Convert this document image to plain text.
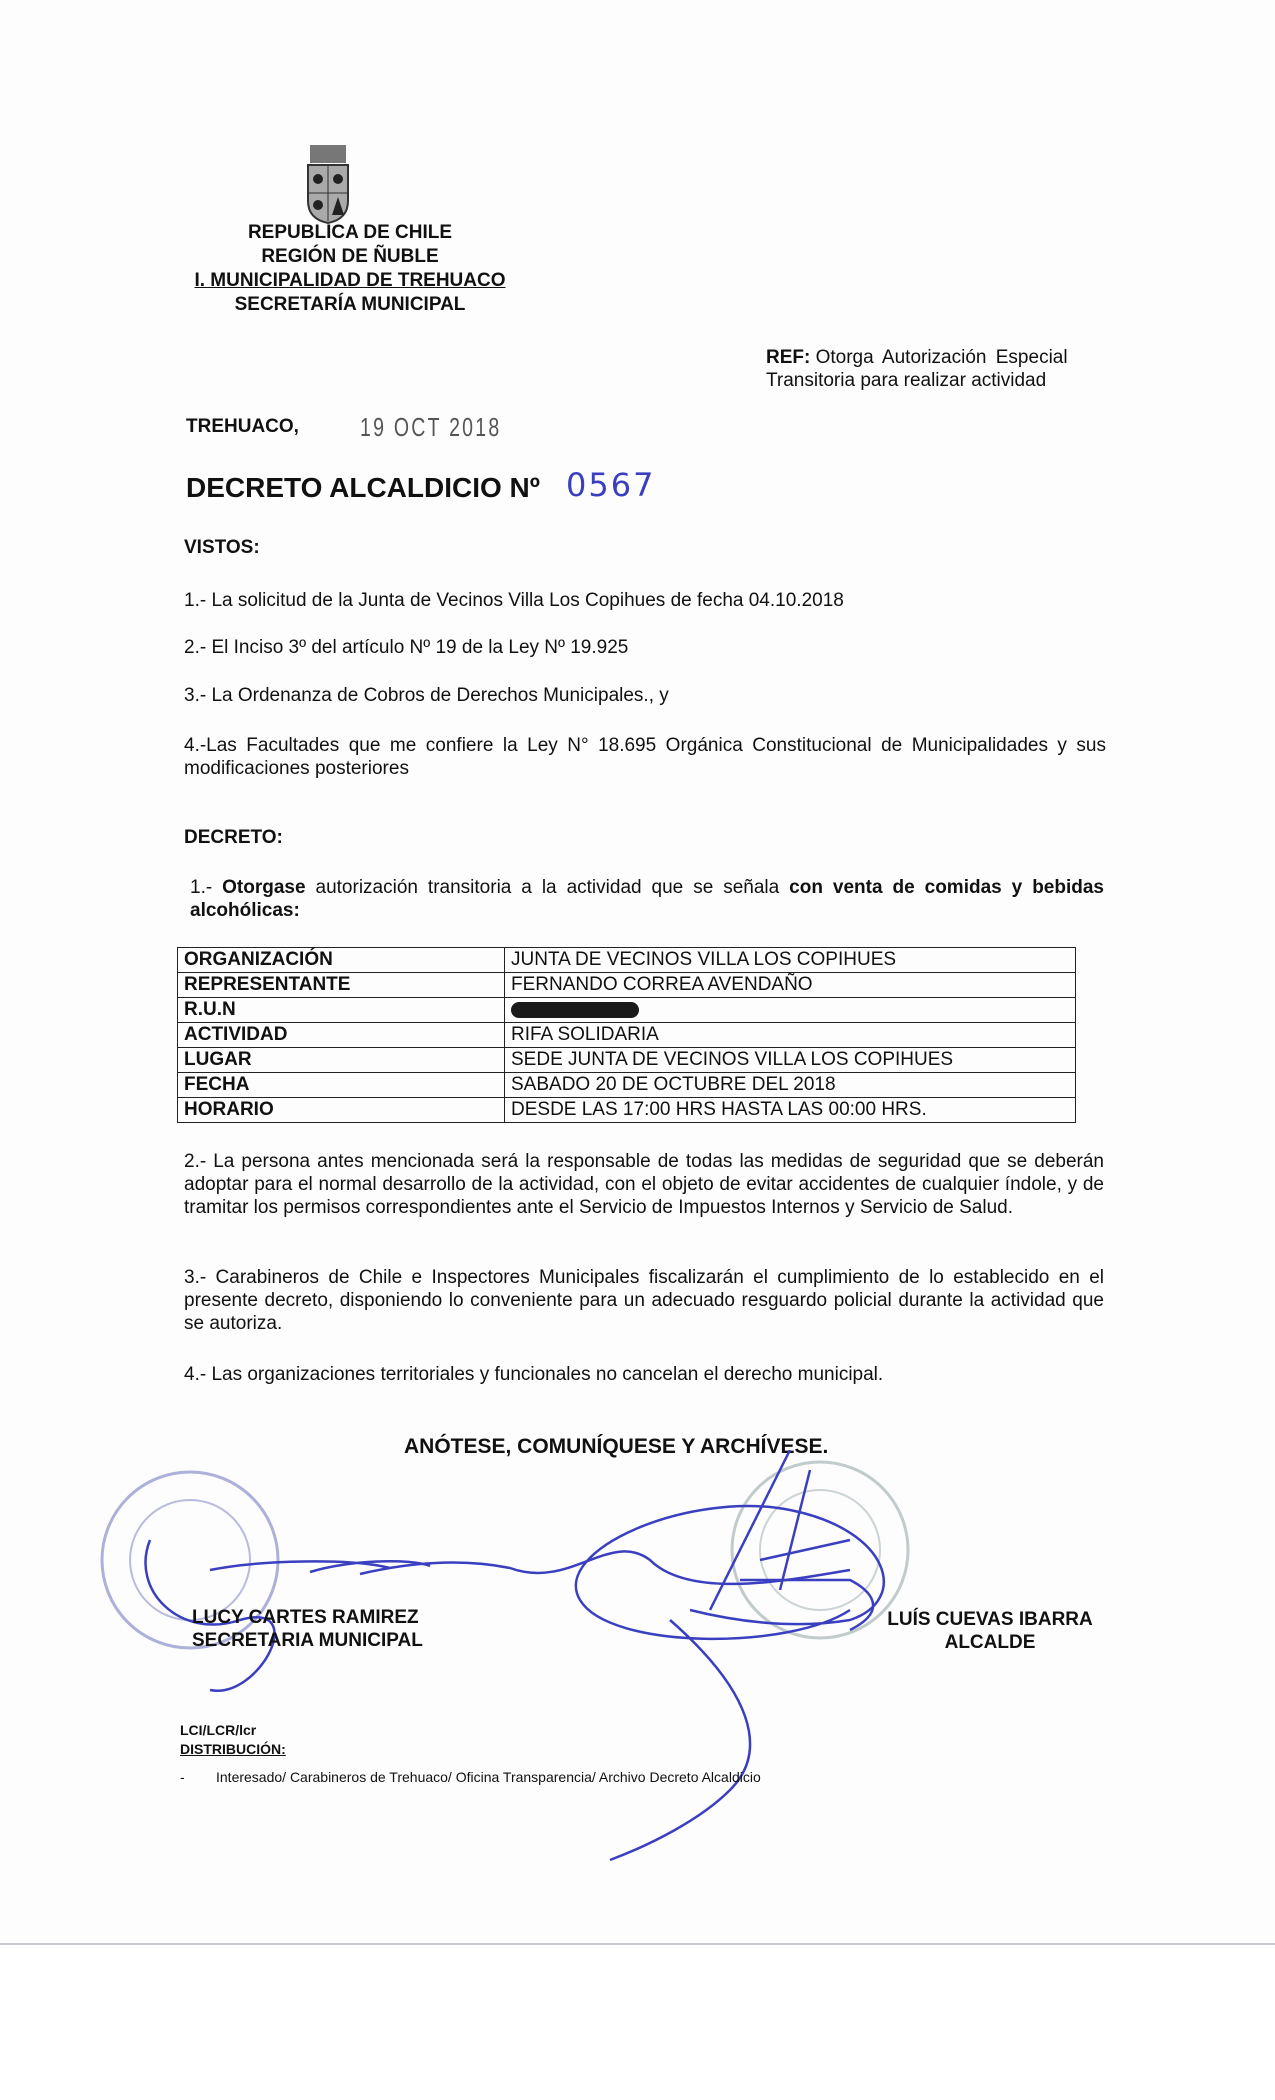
REPUBLICA DE CHILE
REGIÓN DE ÑUBLE
I. MUNICIPALIDAD DE TREHUACO
SECRETARÍA MUNICIPAL
REF: Otorga Autorización Especial
Transitoria para realizar actividad
TREHUACO, 19 OCT 2018
DECRETO ALCALDICIO Nº 0567
VISTOS:
1.- La solicitud de la Junta de Vecinos Villa Los Copihues de fecha 04.10.2018
2.- El Inciso 3º del artículo Nº 19 de la Ley Nº 19.925
3.- La Ordenanza de Cobros de Derechos Municipales., y
4.-Las Facultades que me confiere la Ley N° 18.695 Orgánica Constitucional de Municipalidades y sus modificaciones posteriores
DECRETO:
1.- Otorgase autorización transitoria a la actividad que se señala con venta de comidas y bebidas alcohólicas:
ORGANIZACIÓN	JUNTA DE VECINOS VILLA LOS COPIHUES
REPRESENTANTE	FERNANDO CORREA AVENDAÑO
R.U.N	
ACTIVIDAD	RIFA SOLIDARIA
LUGAR	SEDE JUNTA DE VECINOS VILLA LOS COPIHUES
FECHA	SABADO 20 DE OCTUBRE DEL 2018
HORARIO	DESDE LAS 17:00 HRS HASTA LAS 00:00 HRS.
2.- La persona antes mencionada será la responsable de todas las medidas de seguridad que se deberán adoptar para el normal desarrollo de la actividad, con el objeto de evitar accidentes de cualquier índole, y de tramitar los permisos correspondientes ante el Servicio de Impuestos Internos y Servicio de Salud.
3.- Carabineros de Chile e Inspectores Municipales fiscalizarán el cumplimiento de lo establecido en el presente decreto, disponiendo lo conveniente para un adecuado resguardo policial durante la actividad que se autoriza.
4.- Las organizaciones territoriales y funcionales no cancelan el derecho municipal.
ANÓTESE, COMUNÍQUESE Y ARCHÍVESE.
LUCY CARTES RAMIREZ
SECRETARIA MUNICIPAL
LUÍS CUEVAS IBARRA
ALCALDE
LCI/LCR/lcr
DISTRIBUCIÓN:
- Interesado/ Carabineros de Trehuaco/ Oficina Transparencia/ Archivo Decreto Alcaldicio
